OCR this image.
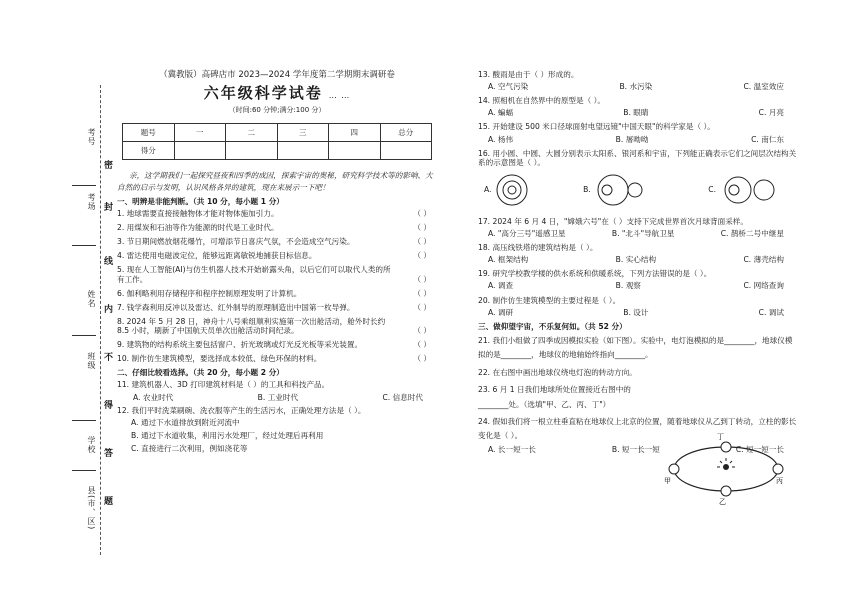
考号
考场
姓名
班级
学校
县(市、区)
密
封
线
内
不
得
答
题
（冀教版）高碑店市 2023—2024 学年度第二学期期末调研卷
六年级科学试卷 … …
（时间:60 分钟;满分:100 分）
题号	一	二	三	四	总分
得分					
亲，这学期我们一起探究昼夜和四季的成因，探索宇宙的奥秘，研究科学技术等的影响、大自然的启示与发明，认识风格各异的建筑，现在来展示一下吧！
一、明辨是非能判断。（共 10 分，每小题 1 分）
1. 地球需要直接接触物体才能对物体施加引力。	（ ）
2. 用煤炭和石油等作为能源的时代是工业时代。	（ ）
3. 节日期间燃放烟花爆竹，可增添节日喜庆气氛，不会造成空气污染。	（ ）
4. 雷达使用电磁波定位，能够远距离敏锐地捕获目标信息。	（ ）
5. 现在人工智能(AI)与仿生机器人技术开始崭露头角，以后它们可以取代人类的所有工作。	（ ）
6. 伽利略利用存储程序和程序控制原理发明了计算机。	（ ）
7. 钱学森利用反冲以及雷达、红外制导的原理制造出中国第一枚导弹。	（ ）
8. 2024 年 5 月 28 日，神舟十八号乘组顺利实施第一次出舱活动，舱外时长约 8.5 小时，刷新了中国航天员单次出舱活动时间纪录。	（ ）
9. 建筑物的结构系统主要包括窗户、折光玻璃或灯光反光板等采光装置。	（ ）
10. 制作仿生建筑模型，要选择成本较低、绿色环保的材料。	（ ）
二、仔细比较看选择。（共 20 分，每小题 2 分）
11. 建筑机器人、3D 打印建筑材料是（ ）的工具和科技产品。
A. 农业时代	B. 工业时代	C. 信息时代
12. 我们平时洗菜刷碗、洗衣服等产生的生活污水，正确处理方法是（ ）。
A. 通过下水道排放到附近河流中
B. 通过下水道收集，利用污水处理厂，经过处理后再利用
C. 直接进行二次利用，例如浇花等
13. 酸雨是由于（ ）形成的。
A. 空气污染	B. 水污染	C. 温室效应
14. 照相机在自然界中的原型是（ ）。
A. 蝙蝠	B. 眼睛	C. 月亮
15. 开始建设 500 米口径球面射电望远镜"中国天眼"的科学家是（ ）。
A. 杨伟	B. 屠呦呦	C. 南仁东
16. 用小圆、中圆、大圆分别表示太阳系、银河系和宇宙，下列能正确表示它们之间层次结构关系的示意图是（ ）。
A.	B.	C.
17. 2024 年 6 月 4 日，"嫦娥六号"在（ ）支持下完成世界首次月球背面采样。
A. "高分三号"遥感卫星	B. "北斗"导航卫星	C. 鹊桥二号中继星
18. 高压线铁塔的建筑结构是（ ）。
A. 框架结构	B. 实心结构	C. 薄壳结构
19. 研究学校教学楼的供水系统和供暖系统，下列方法错误的是（ ）。
A. 调查	B. 观察	C. 网络查询
20. 制作仿生建筑模型的主要过程是（ ）。
A. 调研	B. 设计	C. 调试
三、做仰望宇宙，不乐复何如。（共 52 分）
21. 我们小组做了四季成因模拟实验（如下图）。实验中，电灯泡模拟的是________，地球仪模拟的是________，地球仪的地轴始终指向________。
22. 在右图中画出地球仪绕电灯泡的转动方向。
23. 6 月 1 日我们地球所处位置接近右图中的________处。（选填"甲、乙、丙、丁"）
24. 假如我们将一根立柱垂直粘在地球仪上北京的位置，随着地球仪从乙到丁转动，立柱的影长变化是（ ）。
A. 长一短一长	B. 短一长一短	C. 短一短一长
丁
甲
乙
丙
